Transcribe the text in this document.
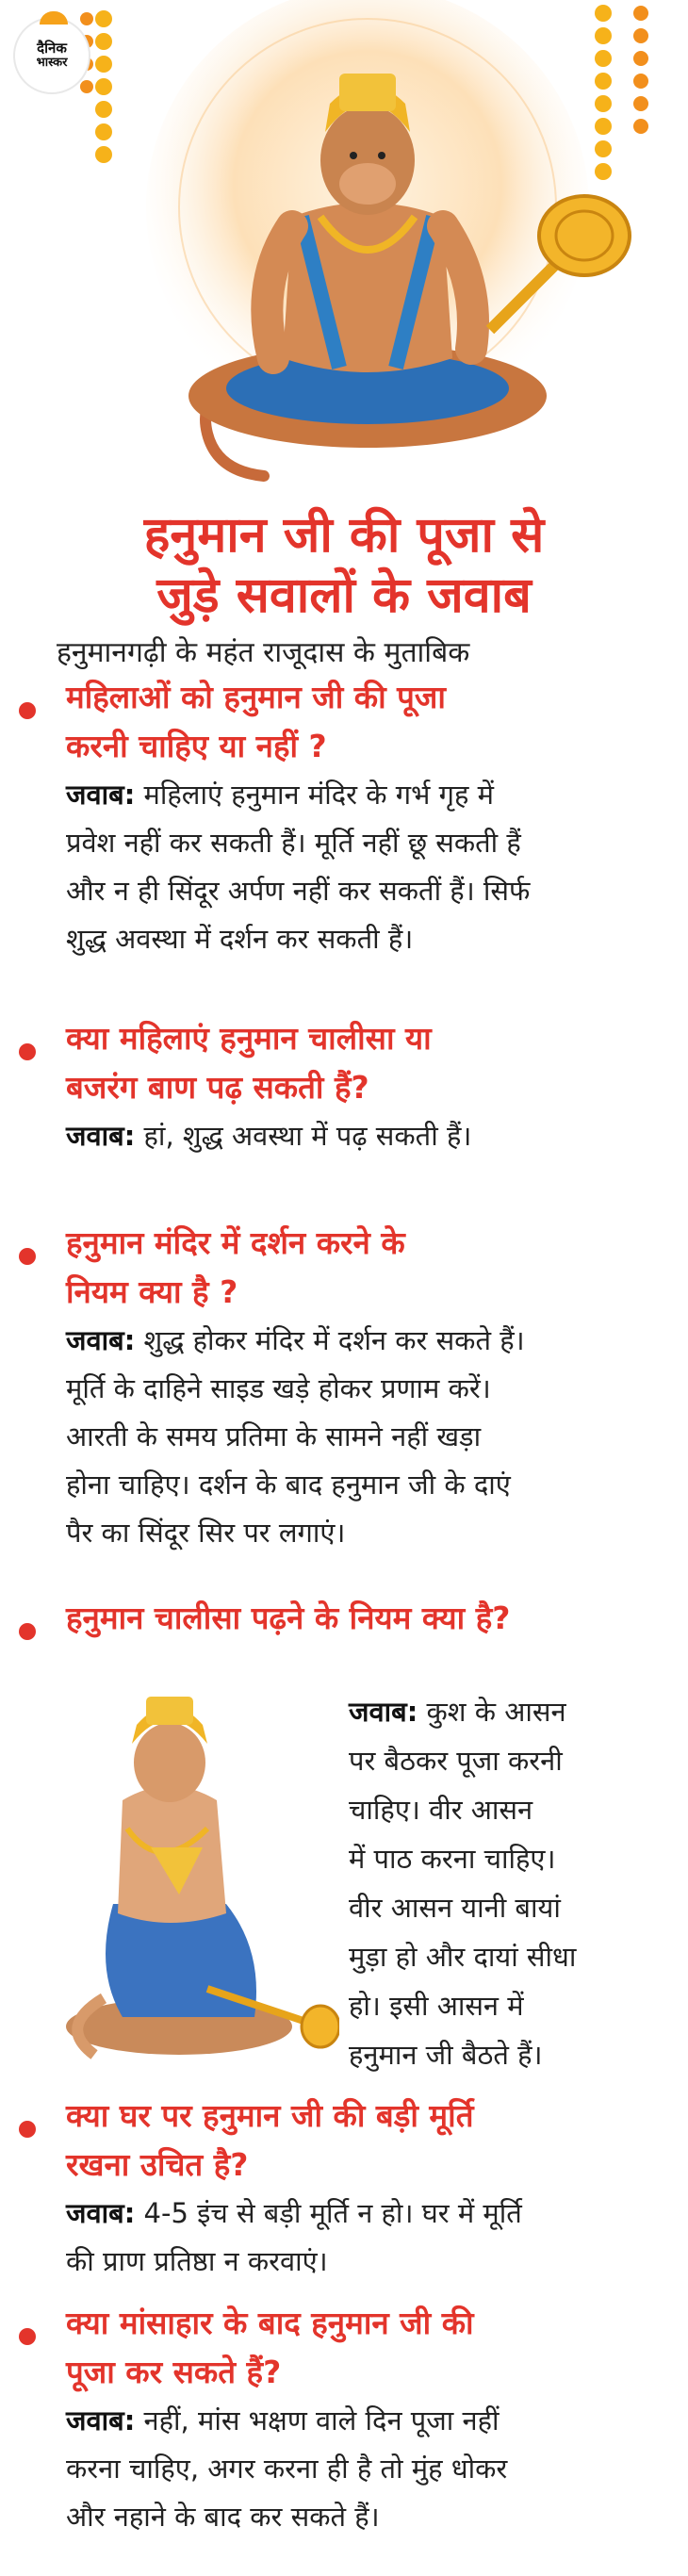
दैनिक
भास्कर
हनुमान जी की पूजा से
जुड़े सवालों के जवाब
हनुमानगढ़ी के महंत राजूदास के मुताबिक
महिलाओं को हनुमान जी की पूजा
करनी चाहिए या नहीं ?
जवाब: महिलाएं हनुमान मंदिर के गर्भ गृह में
प्रवेश नहीं कर सकती हैं। मूर्ति नहीं छू सकती हैं
और न ही सिंदूर अर्पण नहीं कर सकतीं हैं। सिर्फ
शुद्ध अवस्था में दर्शन कर सकती हैं।
क्या महिलाएं हनुमान चालीसा या
बजरंग बाण पढ़ सकती हैं?
जवाब: हां, शुद्ध अवस्था में पढ़ सकती हैं।
हनुमान मंदिर में दर्शन करने के
नियम क्या है ?
जवाब: शुद्ध होकर मंदिर में दर्शन कर सकते हैं।
मूर्ति के दाहिने साइड खड़े होकर प्रणाम करें।
आरती के समय प्रतिमा के सामने नहीं खड़ा
होना चाहिए। दर्शन के बाद हनुमान जी के दाएं
पैर का सिंदूर सिर पर लगाएं।
हनुमान चालीसा पढ़ने के नियम क्या है?
जवाब: कुश के आसन
पर बैठकर पूजा करनी
चाहिए। वीर आसन
में पाठ करना चाहिए।
वीर आसन यानी बायां
मुड़ा हो और दायां सीधा
हो। इसी आसन में
हनुमान जी बैठते हैं।
क्या घर पर हनुमान जी की बड़ी मूर्ति
रखना उचित है?
जवाब: 4-5 इंच से बड़ी मूर्ति न हो। घर में मूर्ति
की प्राण प्रतिष्ठा न करवाएं।
क्या मांसाहार के बाद हनुमान जी की
पूजा कर सकते हैं?
जवाब: नहीं, मांस भक्षण वाले दिन पूजा नहीं
करना चाहिए, अगर करना ही है तो मुंह धोकर
और नहाने के बाद कर सकते हैं।
